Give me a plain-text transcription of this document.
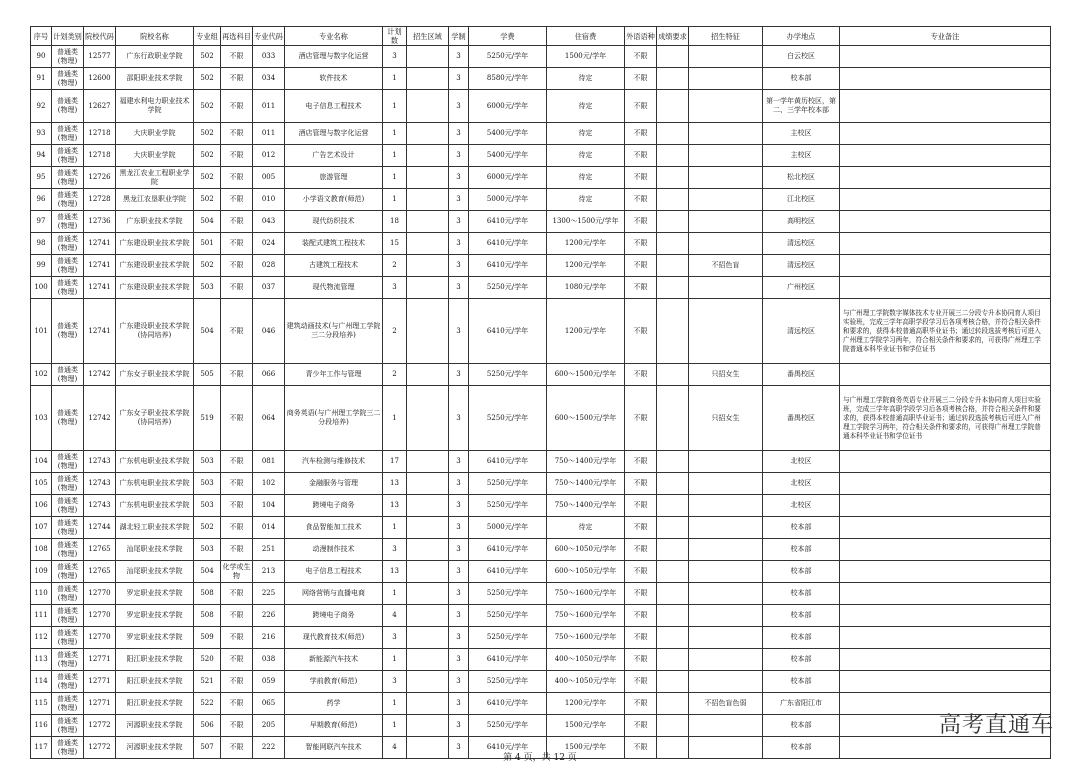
序号	计划类别	院校代码	院校名称	专业组	再选科目	专业代码	专业名称	计划数	招生区域	学制	学费	住宿费	外语语种	成绩要求	招生特征	办学地点	专业备注
90	普通类(物理)	12577	广东行政职业学院	502	不限	033	酒店管理与数字化运营	3		3	5250元/学年	1500元/学年	不限			白云校区	
91	普通类(物理)	12600	邵阳职业技术学院	502	不限	034	软件技术	1		3	8580元/学年	待定	不限			校本部	
92	普通类(物理)	12627	福建水利电力职业技术学院	502	不限	011	电子信息工程技术	1		3	6000元/学年	待定	不限			第一学年黄历校区，第二、三学年校本部	
93	普通类(物理)	12718	大庆职业学院	502	不限	011	酒店管理与数字化运营	1		3	5400元/学年	待定	不限			主校区	
94	普通类(物理)	12718	大庆职业学院	502	不限	012	广告艺术设计	1		3	5400元/学年	待定	不限			主校区	
95	普通类(物理)	12726	黑龙江农业工程职业学院	502	不限	005	旅游管理	1		3	6000元/学年	待定	不限			松北校区	
96	普通类(物理)	12728	黑龙江农垦职业学院	502	不限	010	小学语文教育(师范)	1		3	5000元/学年	待定	不限			江北校区	
97	普通类(物理)	12736	广东职业技术学院	504	不限	043	现代纺织技术	18		3	6410元/学年	1300～1500元/学年	不限			高明校区	
98	普通类(物理)	12741	广东建设职业技术学院	501	不限	024	装配式建筑工程技术	15		3	6410元/学年	1200元/学年	不限			清远校区	
99	普通类(物理)	12741	广东建设职业技术学院	502	不限	028	古建筑工程技术	2		3	6410元/学年	1200元/学年	不限		不招色盲	清远校区	
100	普通类(物理)	12741	广东建设职业技术学院	503	不限	037	现代物流管理	3		3	5250元/学年	1080元/学年	不限			广州校区	
101	普通类(物理)	12741	广东建设职业技术学院(协同培养)	504	不限	046	建筑动画技术(与广州理工学院三二分段培养)	2		3	6410元/学年	1200元/学年	不限			清远校区	与广州理工学院数字媒体技术专业开展三二分段专升本协同育人项目实验班，完成三学年高职学段学习后各项考核合格，并符合相关条件和要求的，获得本校普通高职毕业证书；通过转段选拔考核后可进入广州理工学院学习两年，符合相关条件和要求的，可获得广州理工学院普通本科毕业证书和学位证书
102	普通类(物理)	12742	广东女子职业技术学院	505	不限	066	青少年工作与管理	2		3	5250元/学年	600～1500元/学年	不限		只招女生	番禺校区	
103	普通类(物理)	12742	广东女子职业技术学院(协同培养)	519	不限	064	商务英语(与广州理工学院三二分段培养)	1		3	5250元/学年	600～1500元/学年	不限		只招女生	番禺校区	与广州理工学院商务英语专业开展三二分段专升本协同育人项目实验班，完成三学年高职学段学习后各项考核合格，并符合相关条件和要求的，获得本校普通高职毕业证书；通过转段选拔考核后可进入广州理工学院学习两年，符合相关条件和要求的，可获得广州理工学院普通本科毕业证书和学位证书
104	普通类(物理)	12743	广东机电职业技术学院	503	不限	081	汽车检测与维修技术	17		3	6410元/学年	750～1400元/学年	不限			北校区	
105	普通类(物理)	12743	广东机电职业技术学院	503	不限	102	金融服务与管理	13		3	5250元/学年	750～1400元/学年	不限			北校区	
106	普通类(物理)	12743	广东机电职业技术学院	503	不限	104	跨境电子商务	13		3	5250元/学年	750～1400元/学年	不限			北校区	
107	普通类(物理)	12744	湖北轻工职业技术学院	502	不限	014	食品智能加工技术	1		3	5000元/学年	待定	不限			校本部	
108	普通类(物理)	12765	汕尾职业技术学院	503	不限	251	动漫制作技术	3		3	6410元/学年	600～1050元/学年	不限			校本部	
109	普通类(物理)	12765	汕尾职业技术学院	504	化学或生物	213	电子信息工程技术	13		3	6410元/学年	600～1050元/学年	不限			校本部	
110	普通类(物理)	12770	罗定职业技术学院	508	不限	225	网络营销与直播电商	1		3	5250元/学年	750～1600元/学年	不限			校本部	
111	普通类(物理)	12770	罗定职业技术学院	508	不限	226	跨境电子商务	4		3	5250元/学年	750～1600元/学年	不限			校本部	
112	普通类(物理)	12770	罗定职业技术学院	509	不限	216	现代教育技术(师范)	3		3	5250元/学年	750～1600元/学年	不限			校本部	
113	普通类(物理)	12771	阳江职业技术学院	520	不限	038	新能源汽车技术	1		3	6410元/学年	400～1050元/学年	不限			校本部	
114	普通类(物理)	12771	阳江职业技术学院	521	不限	059	学前教育(师范)	3		3	5250元/学年	400～1050元/学年	不限			校本部	
115	普通类(物理)	12771	阳江职业技术学院	522	不限	065	药学	1		3	6410元/学年	1200元/学年	不限		不招色盲色弱	广东省阳江市	
116	普通类(物理)	12772	河源职业技术学院	506	不限	205	早期教育(师范)	1		3	5250元/学年	1500元/学年	不限			校本部	
117	普通类(物理)	12772	河源职业技术学院	507	不限	222	智能网联汽车技术	4		3	6410元/学年	1500元/学年	不限			校本部	
高考直通车
第 4 页，共 12 页
